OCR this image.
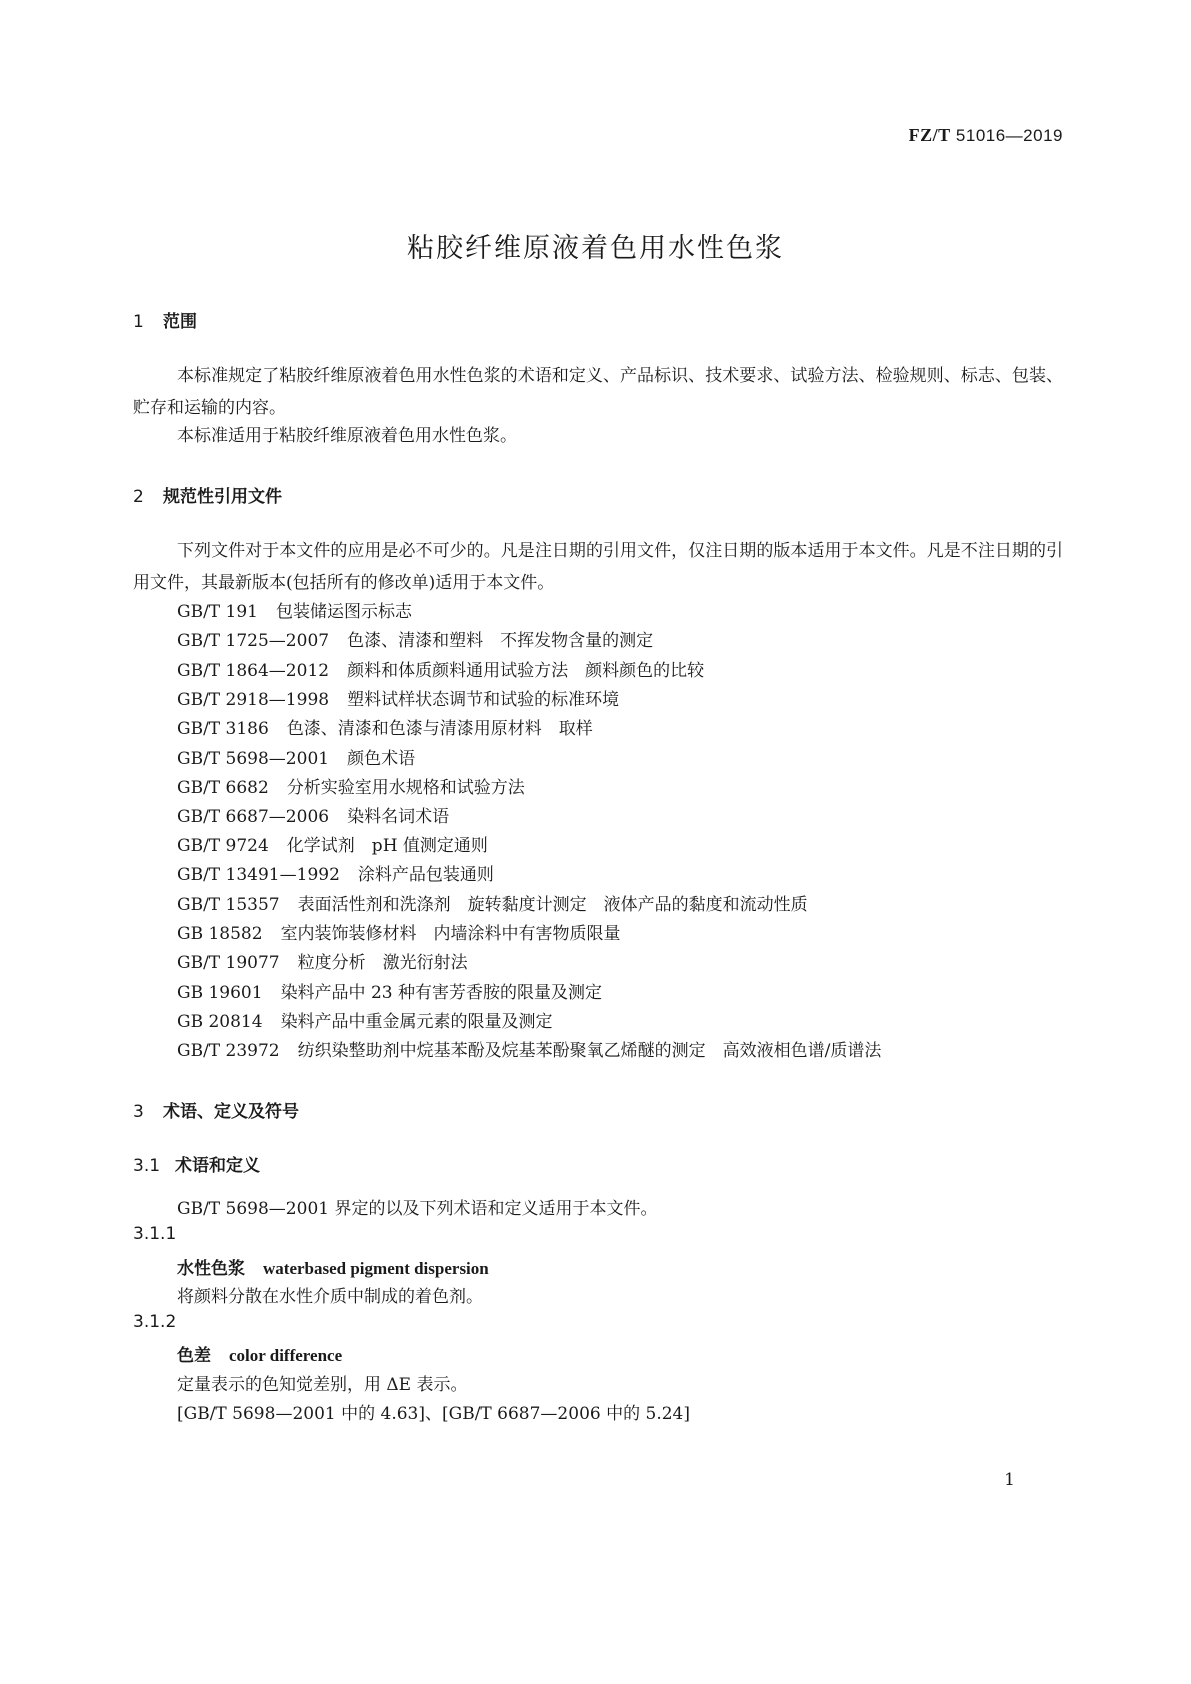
FZ/T 51016—2019
粘胶纤维原液着色用水性色浆
1 范围

本标准规定了粘胶纤维原液着色用水性色浆的术语和定义、产品标识、技术要求、试验方法、检验规则、标志、包装、贮存和运输的内容。

本标准适用于粘胶纤维原液着色用水性色浆。

2 规范性引用文件

下列文件对于本文件的应用是必不可少的。凡是注日期的引用文件，仅注日期的版本适用于本文件。凡是不注日期的引用文件，其最新版本(包括所有的修改单)适用于本文件。

GB/T 191 包装储运图示标志
GB/T 1725—2007 色漆、清漆和塑料　不挥发物含量的测定
GB/T 1864—2012 颜料和体质颜料通用试验方法　颜料颜色的比较
GB/T 2918—1998 塑料试样状态调节和试验的标准环境
GB/T 3186 色漆、清漆和色漆与清漆用原材料　取样
GB/T 5698—2001 颜色术语
GB/T 6682 分析实验室用水规格和试验方法
GB/T 6687—2006 染料名词术语
GB/T 9724 化学试剂　pH 值测定通则
GB/T 13491—1992 涂料产品包装通则
GB/T 15357 表面活性剂和洗涤剂　旋转黏度计测定　液体产品的黏度和流动性质
GB 18582 室内装饰装修材料　内墙涂料中有害物质限量
GB/T 19077 粒度分析　激光衍射法
GB 19601 染料产品中 23 种有害芳香胺的限量及测定
GB 20814 染料产品中重金属元素的限量及测定
GB/T 23972 纺织染整助剂中烷基苯酚及烷基苯酚聚氧乙烯醚的测定　高效液相色谱/质谱法
3 术语、定义及符号
3.1 术语和定义
GB/T 5698—2001 界定的以及下列术语和定义适用于本文件。
3.1.1
水性色浆 waterbased pigment dispersion
将颜料分散在水性介质中制成的着色剂。
3.1.2
色差 color difference
定量表示的色知觉差别，用 ΔE 表示。
[GB/T 5698—2001 中的 4.63]、[GB/T 6687—2006 中的 5.24]
1
